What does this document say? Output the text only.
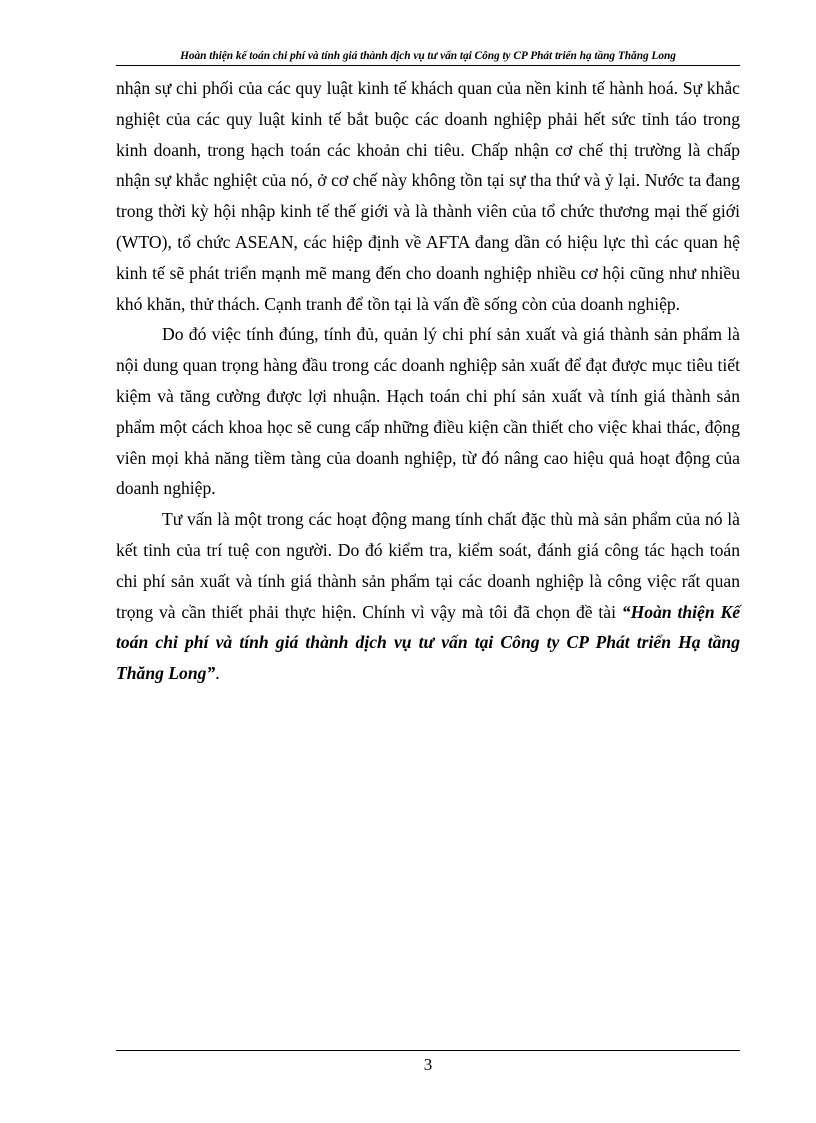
Hoàn thiện kế toán chi phí và tính giá thành dịch vụ tư vấn tại Công ty CP Phát triển hạ tầng Thăng Long

nhận sự chi phối của các quy luật kinh tế khách quan của nền kinh tế hành hoá. Sự khắc nghiệt của các quy luật kinh tế bắt buộc các doanh nghiệp phải hết sức tỉnh táo trong kinh doanh, trong hạch toán các khoản chi tiêu. Chấp nhận cơ chế thị trường là chấp nhận sự khắc nghiệt của nó, ở cơ chế này không tồn tại sự tha thứ và ỷ lại. Nước ta đang trong thời kỳ hội nhập kinh tế thế giới và là thành viên của tổ chức thương mại thế giới (WTO), tổ chức ASEAN, các hiệp định về AFTA đang dần có hiệu lực thì các quan hệ kinh tế sẽ phát triển mạnh mẽ mang đến cho doanh nghiệp nhiều cơ hội cũng như nhiều khó khăn, thử thách. Cạnh tranh để tồn tại là vấn đề sống còn của doanh nghiệp.

Do đó việc tính đúng, tính đủ, quản lý chi phí sản xuất và giá thành sản phẩm là nội dung quan trọng hàng đầu trong các doanh nghiệp sản xuất để đạt được mục tiêu tiết kiệm và tăng cường được lợi nhuận. Hạch toán chi phí sản xuất và tính giá thành sản phẩm một cách khoa học sẽ cung cấp những điều kiện cần thiết cho việc khai thác, động viên mọi khả năng tiềm tàng của doanh nghiệp, từ đó nâng cao hiệu quả hoạt động của doanh nghiệp.

Tư vấn là một trong các hoạt động mang tính chất đặc thù mà sản phẩm của nó là kết tinh của trí tuệ con người. Do đó kiểm tra, kiểm soát, đánh giá công tác hạch toán chi phí sản xuất và tính giá thành sản phẩm tại các doanh nghiệp là công việc rất quan trọng và cần thiết phải thực hiện. Chính vì vậy mà tôi đã chọn đề tài “Hoàn thiện Kế toán chi phí và tính giá thành dịch vụ tư vấn tại Công ty CP Phát triển Hạ tầng Thăng Long”.

3
